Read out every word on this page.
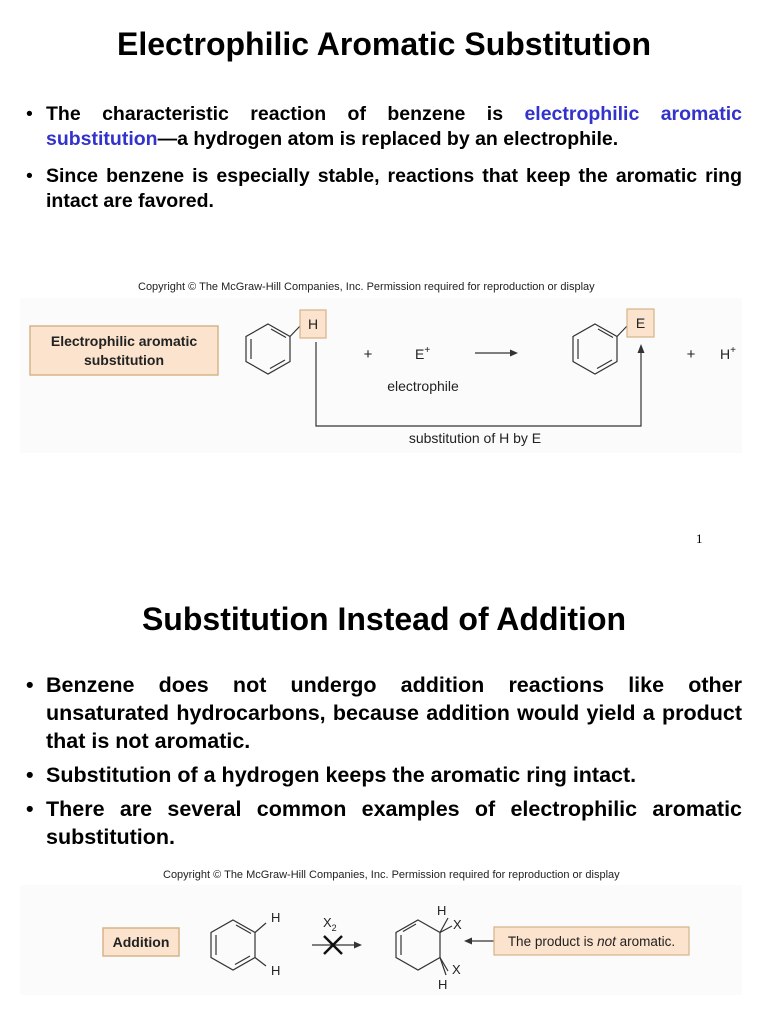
Electrophilic Aromatic Substitution
• The characteristic reaction of benzene is electrophilic aromatic substitution—a hydrogen atom is replaced by an electrophile.
• Since benzene is especially stable, reactions that keep the aromatic ring intact are favored.
Copyright © The McGraw-Hill Companies, Inc. Permission required for reproduction or display
Electrophilic aromatic
substitution
H
+	E+
electrophile
E
+ H+
substitution of H by E
1
Substitution Instead of Addition
• Benzene does not undergo addition reactions like other unsaturated hydrocarbons, because addition would yield a product that is not aromatic.
• Substitution of a hydrogen keeps the aromatic ring intact.
• There are several common examples of electrophilic aromatic substitution.
Copyright © The McGraw-Hill Companies, Inc. Permission required for reproduction or display
Addition
H
H
$X_2$
H
X
X
H
The product is not aromatic.
